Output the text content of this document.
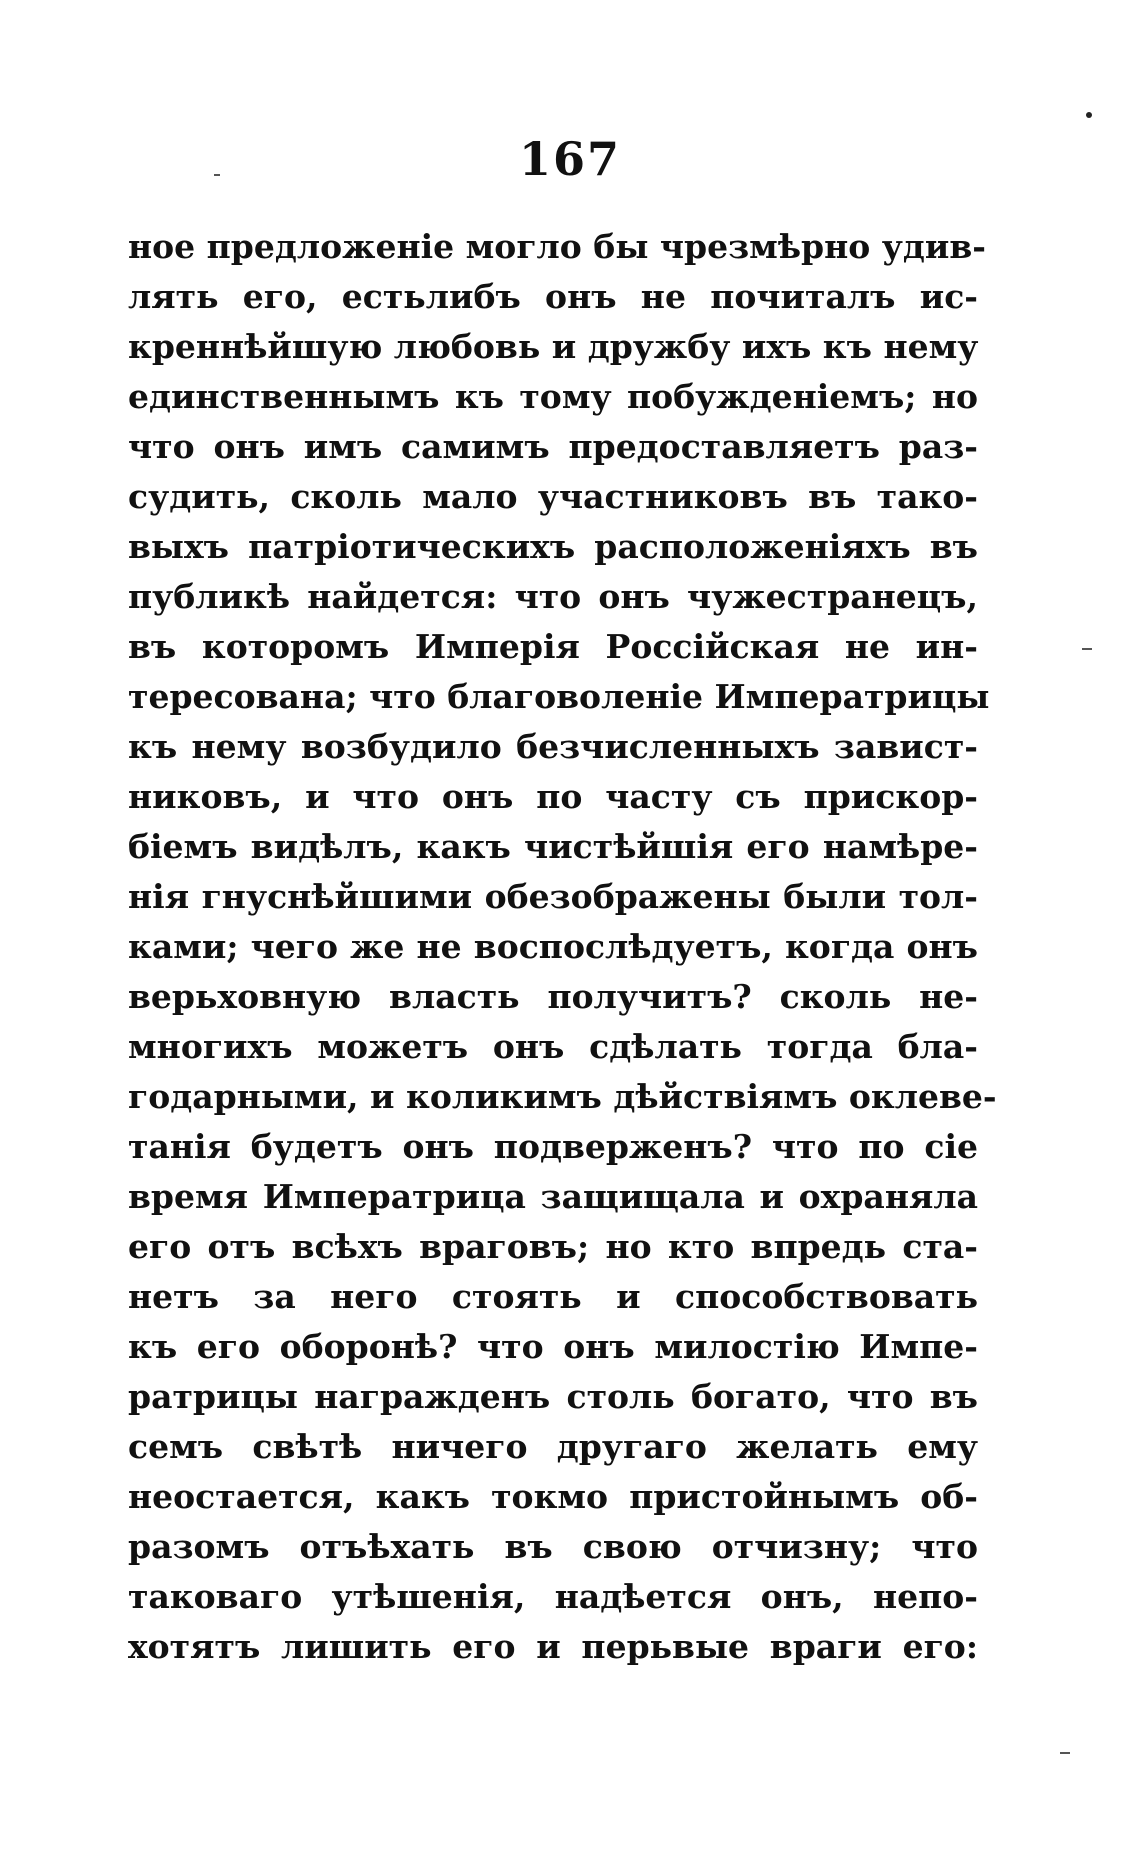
167
ное предложеніе могло бы чрезмѣрно удив-
лять его, естьлибъ онъ не почиталъ ис-
креннѣйшую любовь и дружбу ихъ къ нему
единственнымъ къ тому побужденіемъ; но
что онъ имъ самимъ предоставляетъ раз-
судить, сколь мало участниковъ въ тако-
выхъ патріотическихъ расположеніяхъ въ
публикѣ найдется: что онъ чужестранецъ,
въ которомъ Имперія Россійская не ин-
тересована; что благоволеніе Императрицы
къ нему возбудило безчисленныхъ завист-
никовъ, и что онъ по часту съ прискор-
біемъ видѣлъ, какъ чистѣйшія его намѣре-
нія гнуснѣйшими обезображены были тол-
ками; чего же не воспослѣдуетъ, когда онъ
верьховную власть получитъ? сколь не-
многихъ можетъ онъ сдѣлать тогда бла-
годарными, и коликимъ дѣйствіямъ оклеве-
танія будетъ онъ подверженъ? что по сіе
время Императрица защищала и охраняла
его отъ всѣхъ враговъ; но кто впредь ста-
нетъ за него стоять и способствовать
къ его оборонѣ? что онъ милостію Импе-
ратрицы награжденъ столь богато, что въ
семъ свѣтѣ ничего другаго желать ему
неостается, какъ токмо пристойнымъ об-
разомъ отъѣхать въ свою отчизну; что
таковаго утѣшенія, надѣется онъ, непо-
хотятъ лишить его и перьвые враги его:
